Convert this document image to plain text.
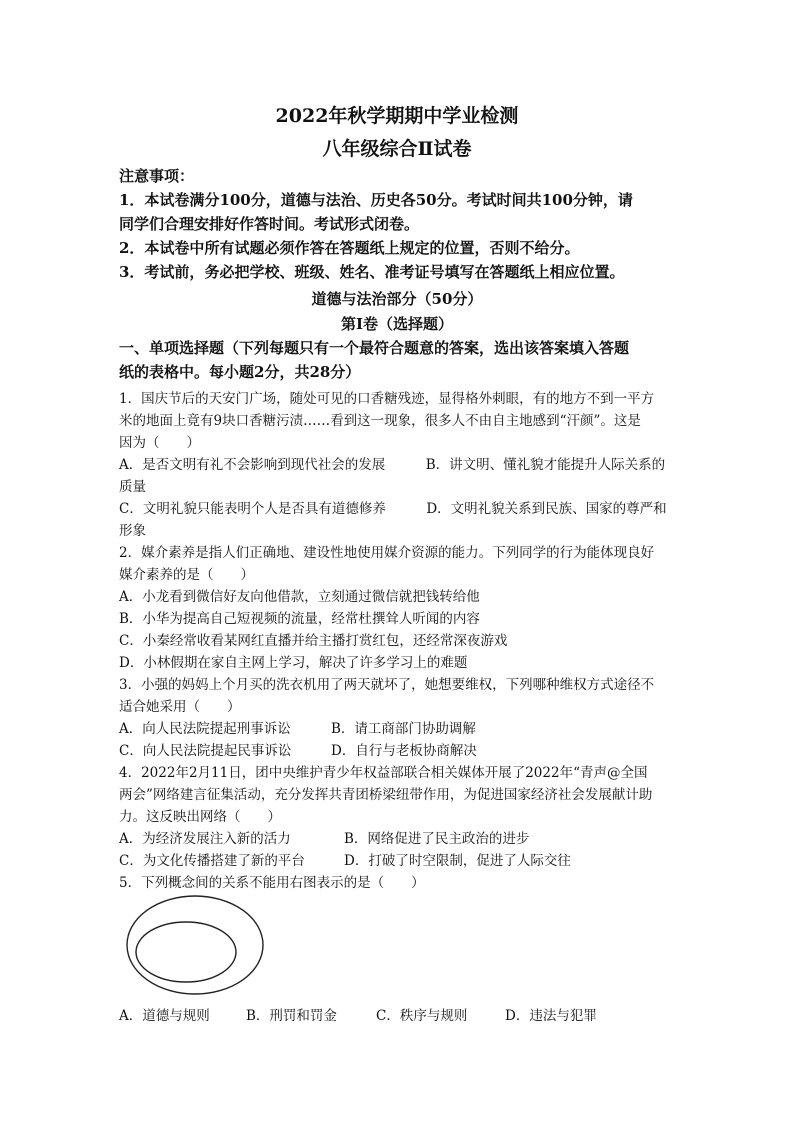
2022年秋学期期中学业检测
八年级综合Ⅱ试卷
注意事项：
1．本试卷满分100分，道德与法治、历史各50分。考试时间共100分钟，请
同学们合理安排好作答时间。考试形式闭卷。
2．本试卷中所有试题必须作答在答题纸上规定的位置，否则不给分。
3．考试前，务必把学校、班级、姓名、准考证号填写在答题纸上相应位置。
道德与法治部分（50分）
第Ⅰ卷（选择题）
一、单项选择题（下列每题只有一个最符合题意的答案，选出该答案填入答题
纸的表格中。每小题2分，共28分）
1．国庆节后的天安门广场，随处可见的口香糖残迹，显得格外刺眼，有的地方不到一平方
米的地面上竟有9块口香糖污渍……看到这一现象，很多人不由自主地感到“汗颜”。这是
因为（　　）
A．是否文明有礼不会影响到现代社会的发展　　　B．讲文明、懂礼貌才能提升人际关系的
质量
C．文明礼貌只能表明个人是否具有道德修养　　　D．文明礼貌关系到民族、国家的尊严和
形象
2．媒介素养是指人们正确地、建设性地使用媒介资源的能力。下列同学的行为能体现良好
媒介素养的是（　　）
A．小龙看到微信好友向他借款，立刻通过微信就把钱转给他
B．小华为提高自己短视频的流量，经常杜撰耸人听闻的内容
C．小秦经常收看某网红直播并给主播打赏红包，还经常深夜游戏
D．小林假期在家自主网上学习，解决了许多学习上的难题
3．小强的妈妈上个月买的洗衣机用了两天就坏了，她想要维权，下列哪种维权方式途径不
适合她采用（　　）
A．向人民法院提起刑事诉讼	B．请工商部门协助调解
C．向人民法院提起民事诉讼	D．自行与老板协商解决
4．2022年2月11日，团中央维护青少年权益部联合相关媒体开展了2022年“青声@全国
两会”网络建言征集活动，充分发挥共青团桥梁纽带作用，为促进国家经济社会发展献计助
力。这反映出网络（　　）
A．为经济发展注入新的活力	B．网络促进了民主政治的进步
C．为文化传播搭建了新的平台	D．打破了时空限制，促进了人际交往
5．下列概念间的关系不能用右图表示的是（　　）
A．道德与规则	B．刑罚和罚金	C．秩序与规则	D．违法与犯罪
